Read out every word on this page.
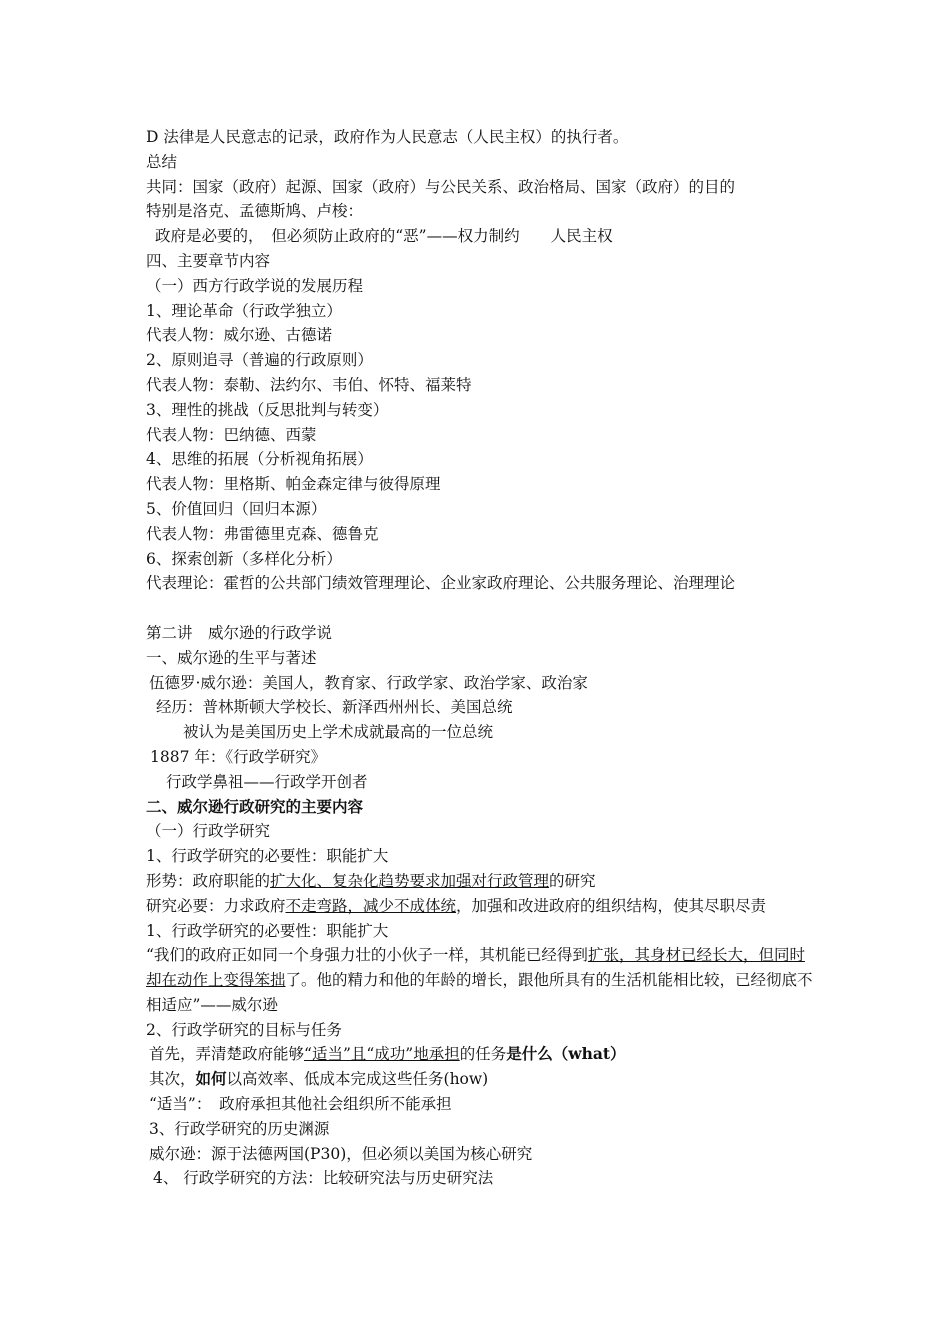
D 法律是人民意志的记录，政府作为人民意志（人民主权）的执行者。
总结
共同：国家（政府）起源、国家（政府）与公民关系、政治格局、国家（政府）的目的
特别是洛克、孟德斯鸠、卢梭：
政府是必要的，　但必须防止政府的“恶”——权力制约　　人民主权
四、主要章节内容
（一）西方行政学说的发展历程
1、理论革命（行政学独立）
代表人物：威尔逊、古德诺
2、原则追寻（普遍的行政原则）
代表人物：泰勒、法约尔、韦伯、怀特、福莱特
3、理性的挑战（反思批判与转变）
代表人物：巴纳德、西蒙
4、思维的拓展（分析视角拓展）
代表人物：里格斯、帕金森定律与彼得原理
5、价值回归（回归本源）
代表人物：弗雷德里克森、德鲁克
6、探索创新（多样化分析）
代表理论：霍哲的公共部门绩效管理理论、企业家政府理论、公共服务理论、治理理论
第二讲　威尔逊的行政学说
一、威尔逊的生平与著述
伍德罗·威尔逊：美国人，教育家、行政学家、政治学家、政治家
经历：普林斯顿大学校长、新泽西州州长、美国总统
被认为是美国历史上学术成就最高的一位总统
1887 年：《行政学研究》
行政学鼻祖——行政学开创者
二、威尔逊行政研究的主要内容
（一）行政学研究
1、行政学研究的必要性：职能扩大
形势：政府职能的扩大化、复杂化趋势要求加强对行政管理的研究
研究必要：力求政府不走弯路，减少不成体统，加强和改进政府的组织结构，使其尽职尽责
1、行政学研究的必要性：职能扩大
“我们的政府正如同一个身强力壮的小伙子一样，其机能已经得到扩张，其身材已经长大，但同时却在动作上变得笨拙了。他的精力和他的年龄的增长，跟他所具有的生活机能相比较，已经彻底不相适应”——威尔逊
2、行政学研究的目标与任务
首先，弄清楚政府能够“适当”且“成功”地承担的任务是什么（what）
其次，如何以高效率、低成本完成这些任务(how)
“适当”：　政府承担其他社会组织所不能承担
3、行政学研究的历史渊源
威尔逊：源于法德两国(P30)，但必须以美国为核心研究
4、 行政学研究的方法：比较研究法与历史研究法
